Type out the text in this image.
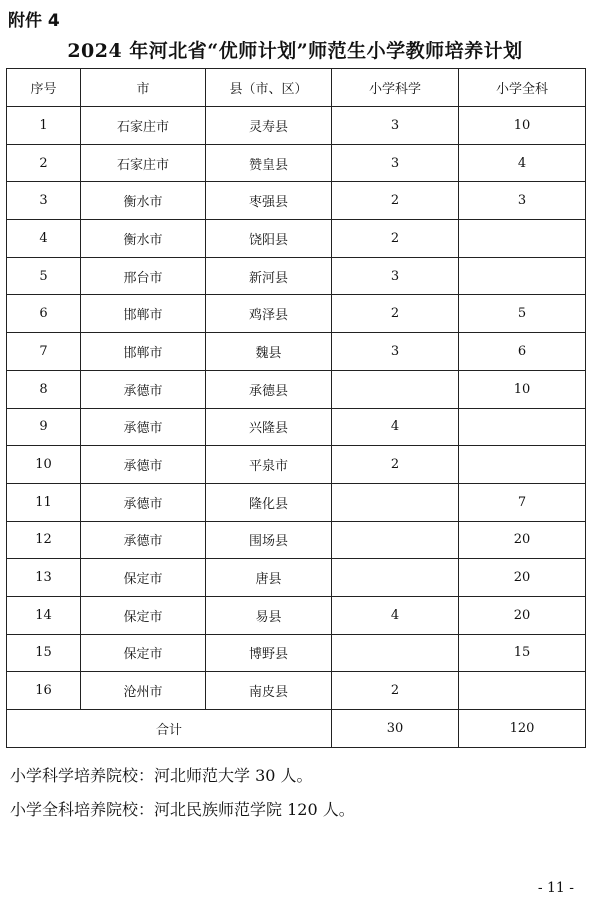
附件 4
2024 年河北省“优师计划”师范生小学教师培养计划
序号	市	县（市、区）	小学科学	小学全科
1	石家庄市	灵寿县	3	10
2	石家庄市	赞皇县	3	4
3	衡水市	枣强县	2	3
4	衡水市	饶阳县	2	
5	邢台市	新河县	3	
6	邯郸市	鸡泽县	2	5
7	邯郸市	魏县	3	6
8	承德市	承德县		10
9	承德市	兴隆县	4	
10	承德市	平泉市	2	
11	承德市	隆化县		7
12	承德市	围场县		20
13	保定市	唐县		20
14	保定市	易县	4	20
15	保定市	博野县		15
16	沧州市	南皮县	2	
合计			30	120
小学科学培养院校：河北师范大学 30 人。
小学全科培养院校：河北民族师范学院 120 人。
- 11 -
